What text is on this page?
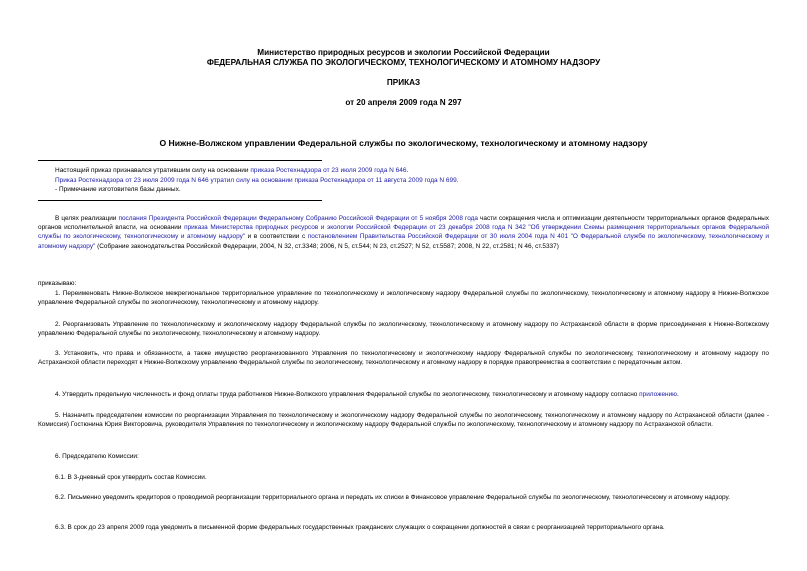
Министерство природных ресурсов и экологии Российской Федерации
ФЕДЕРАЛЬНАЯ СЛУЖБА ПО ЭКОЛОГИЧЕСКОМУ, ТЕХНОЛОГИЧЕСКОМУ И АТОМНОМУ НАДЗОРУ
ПРИКАЗ
от 20 апреля 2009 года N 297
О Нижне-Волжском управлении Федеральной службы по экологическому, технологическому и атомному надзору
Настоящий приказ признавался утратившим силу на основании приказа Ростехнадзора от 23 июля 2009 года N 646.
Приказ Ростехнадзора от 23 июля 2009 года N 646 утратил силу на основании приказа Ростехнадзора от 11 августа 2009 года N 699.
- Примечание изготовителя базы данных.
В целях реализации послания Президента Российской Федерации Федеральному Собранию Российской Федерации от 5 ноября 2008 года части сокращения числа и оптимизации деятельности территориальных органов федеральных органов исполнительной власти, на основании приказа Министерства природных ресурсов и экологии Российской Федерации от 23 декабря 2008 года N 342 "Об утверждении Схемы размещения территориальных органов Федеральной службы по экологическому, технологическому и атомному надзору" и в соответствии с постановлением Правительства Российской Федерации от 30 июля 2004 года N 401 "О Федеральной службе по экологическому, технологическому и атомному надзору" (Собрание законодательства Российской Федерации, 2004, N 32, ст.3348; 2006, N 5, ст.544; N 23, ст.2527; N 52, ст.5587; 2008, N 22, ст.2581; N 46, ст.5337)
приказываю:
1. Переименовать Нижне-Волжское межрегиональное территориальное управление по технологическому и экологическому надзору Федеральной службы по экологическому, технологическому и атомному надзору в Нижне-Волжское управление Федеральной службы по экологическому, технологическому и атомному надзору.
2. Реорганизовать Управление по технологическому и экологическому надзору Федеральной службы по экологическому, технологическому и атомному надзору по Астраханской области в форме присоединения к Нижне-Волжскому управлению Федеральной службы по экологическому, технологическому и атомному надзору.
3. Установить, что права и обязанности, а также имущество реорганизованного Управления по технологическому и экологическому надзору Федеральной службы по экологическому, технологическому и атомному надзору по Астраханской области переходят к Нижне-Волжскому управлению Федеральной службы по экологическому, технологическому и атомному надзору в порядке правопреемства в соответствии с передаточным актом.
4. Утвердить предельную численность и фонд оплаты труда работников Нижне-Волжского управления Федеральной службы по экологическому, технологическому и атомному надзору согласно приложению.
5. Назначить председателем комиссии по реорганизации Управления по технологическому и экологическому надзору Федеральной службы по экологическому, технологическому и атомному надзору по Астраханской области (далее - Комиссия) Гостюнина Юрия Викторовича, руководителя Управления по технологическому и экологическому надзору Федеральной службы по экологическому, технологическому и атомному надзору по Астраханской области.
6. Председателю Комиссии:
6.1. В 3-дневный срок утвердить состав Комиссии.
6.2. Письменно уведомить кредиторов о проводимой реорганизации территориального органа и передать их списки в Финансовое управление Федеральной службы по экологическому, технологическому и атомному надзору.
6.3. В срок до 23 апреля 2009 года уведомить в письменной форме федеральных государственных гражданских служащих о сокращении должностей в связи с реорганизацией территориального органа.
